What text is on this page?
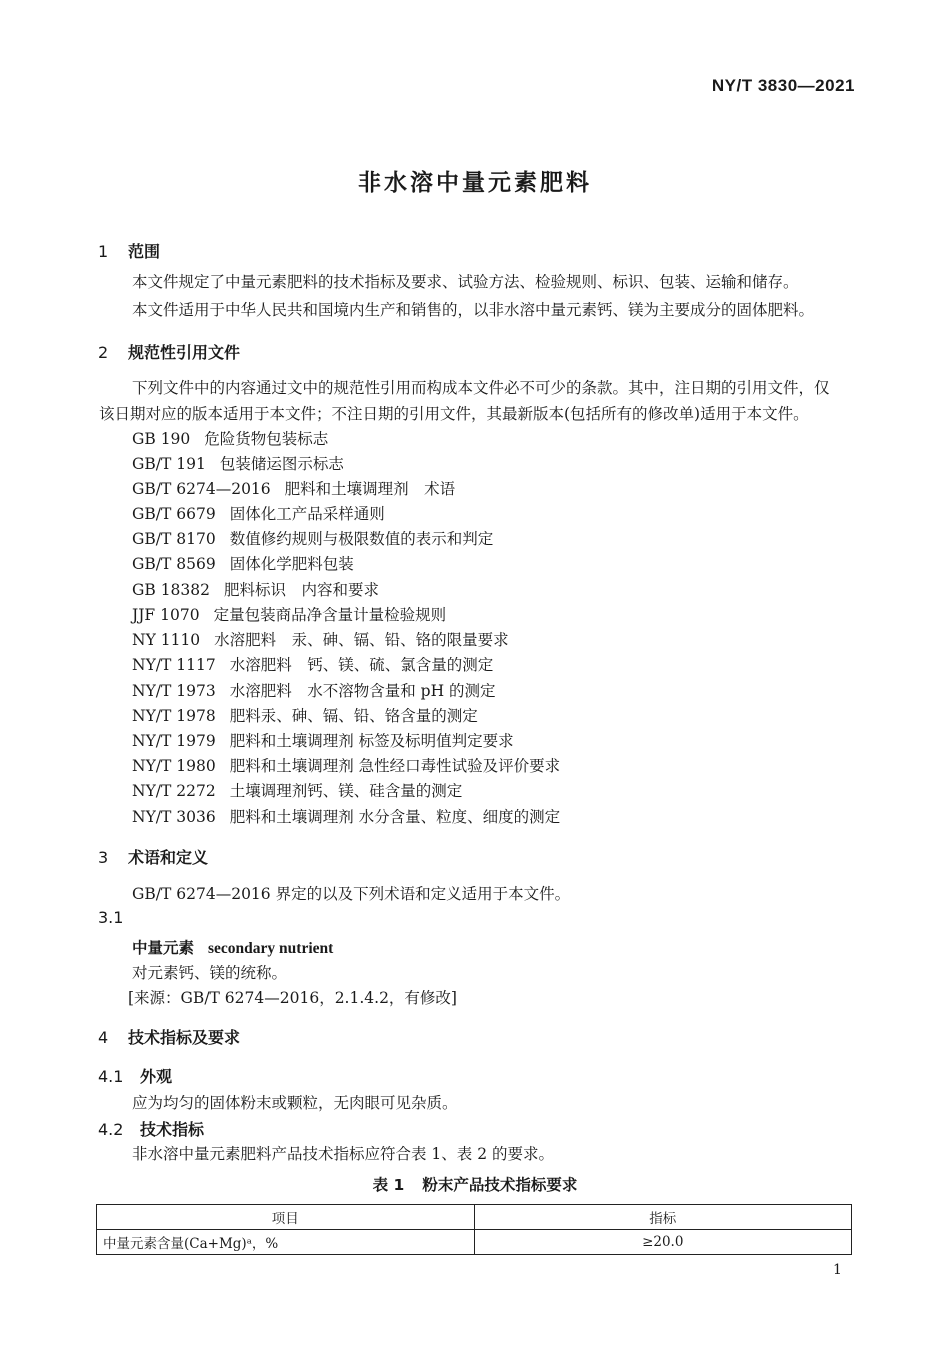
NY/T 3830—2021
非水溶中量元素肥料
1 范围
本文件规定了中量元素肥料的技术指标及要求、试验方法、检验规则、标识、包装、运输和储存。
本文件适用于中华人民共和国境内生产和销售的，以非水溶中量元素钙、镁为主要成分的固体肥料。
2 规范性引用文件
下列文件中的内容通过文中的规范性引用而构成本文件必不可少的条款。其中，注日期的引用文件，仅
该日期对应的版本适用于本文件；不注日期的引用文件，其最新版本(包括所有的修改单)适用于本文件。
GB 190 危险货物包装标志
GB/T 191 包装储运图示标志
GB/T 6274—2016 肥料和土壤调理剂　术语
GB/T 6679 固体化工产品采样通则
GB/T 8170 数值修约规则与极限数值的表示和判定
GB/T 8569 固体化学肥料包装
GB 18382 肥料标识　内容和要求
JJF 1070 定量包装商品净含量计量检验规则
NY 1110 水溶肥料　汞、砷、镉、铅、铬的限量要求
NY/T 1117 水溶肥料　钙、镁、硫、氯含量的测定
NY/T 1973 水溶肥料　水不溶物含量和 pH 的测定
NY/T 1978 肥料汞、砷、镉、铅、铬含量的测定
NY/T 1979 肥料和土壤调理剂 标签及标明值判定要求
NY/T 1980 肥料和土壤调理剂 急性经口毒性试验及评价要求
NY/T 2272 土壤调理剂钙、镁、硅含量的测定
NY/T 3036 肥料和土壤调理剂 水分含量、粒度、细度的测定
3 术语和定义
GB/T 6274—2016 界定的以及下列术语和定义适用于本文件。
3.1
中量元素 secondary nutrient
对元素钙、镁的统称。
[来源：GB/T 6274—2016，2.1.4.2，有修改]
4 技术指标及要求
4.1 外观
应为均匀的固体粉末或颗粒，无肉眼可见杂质。
4.2 技术指标
非水溶中量元素肥料产品技术指标应符合表 1、表 2 的要求。
表 1 粉末产品技术指标要求
项目	指标
中量元素含量(Ca+Mg)ᵃ，%	≥20.0
1
